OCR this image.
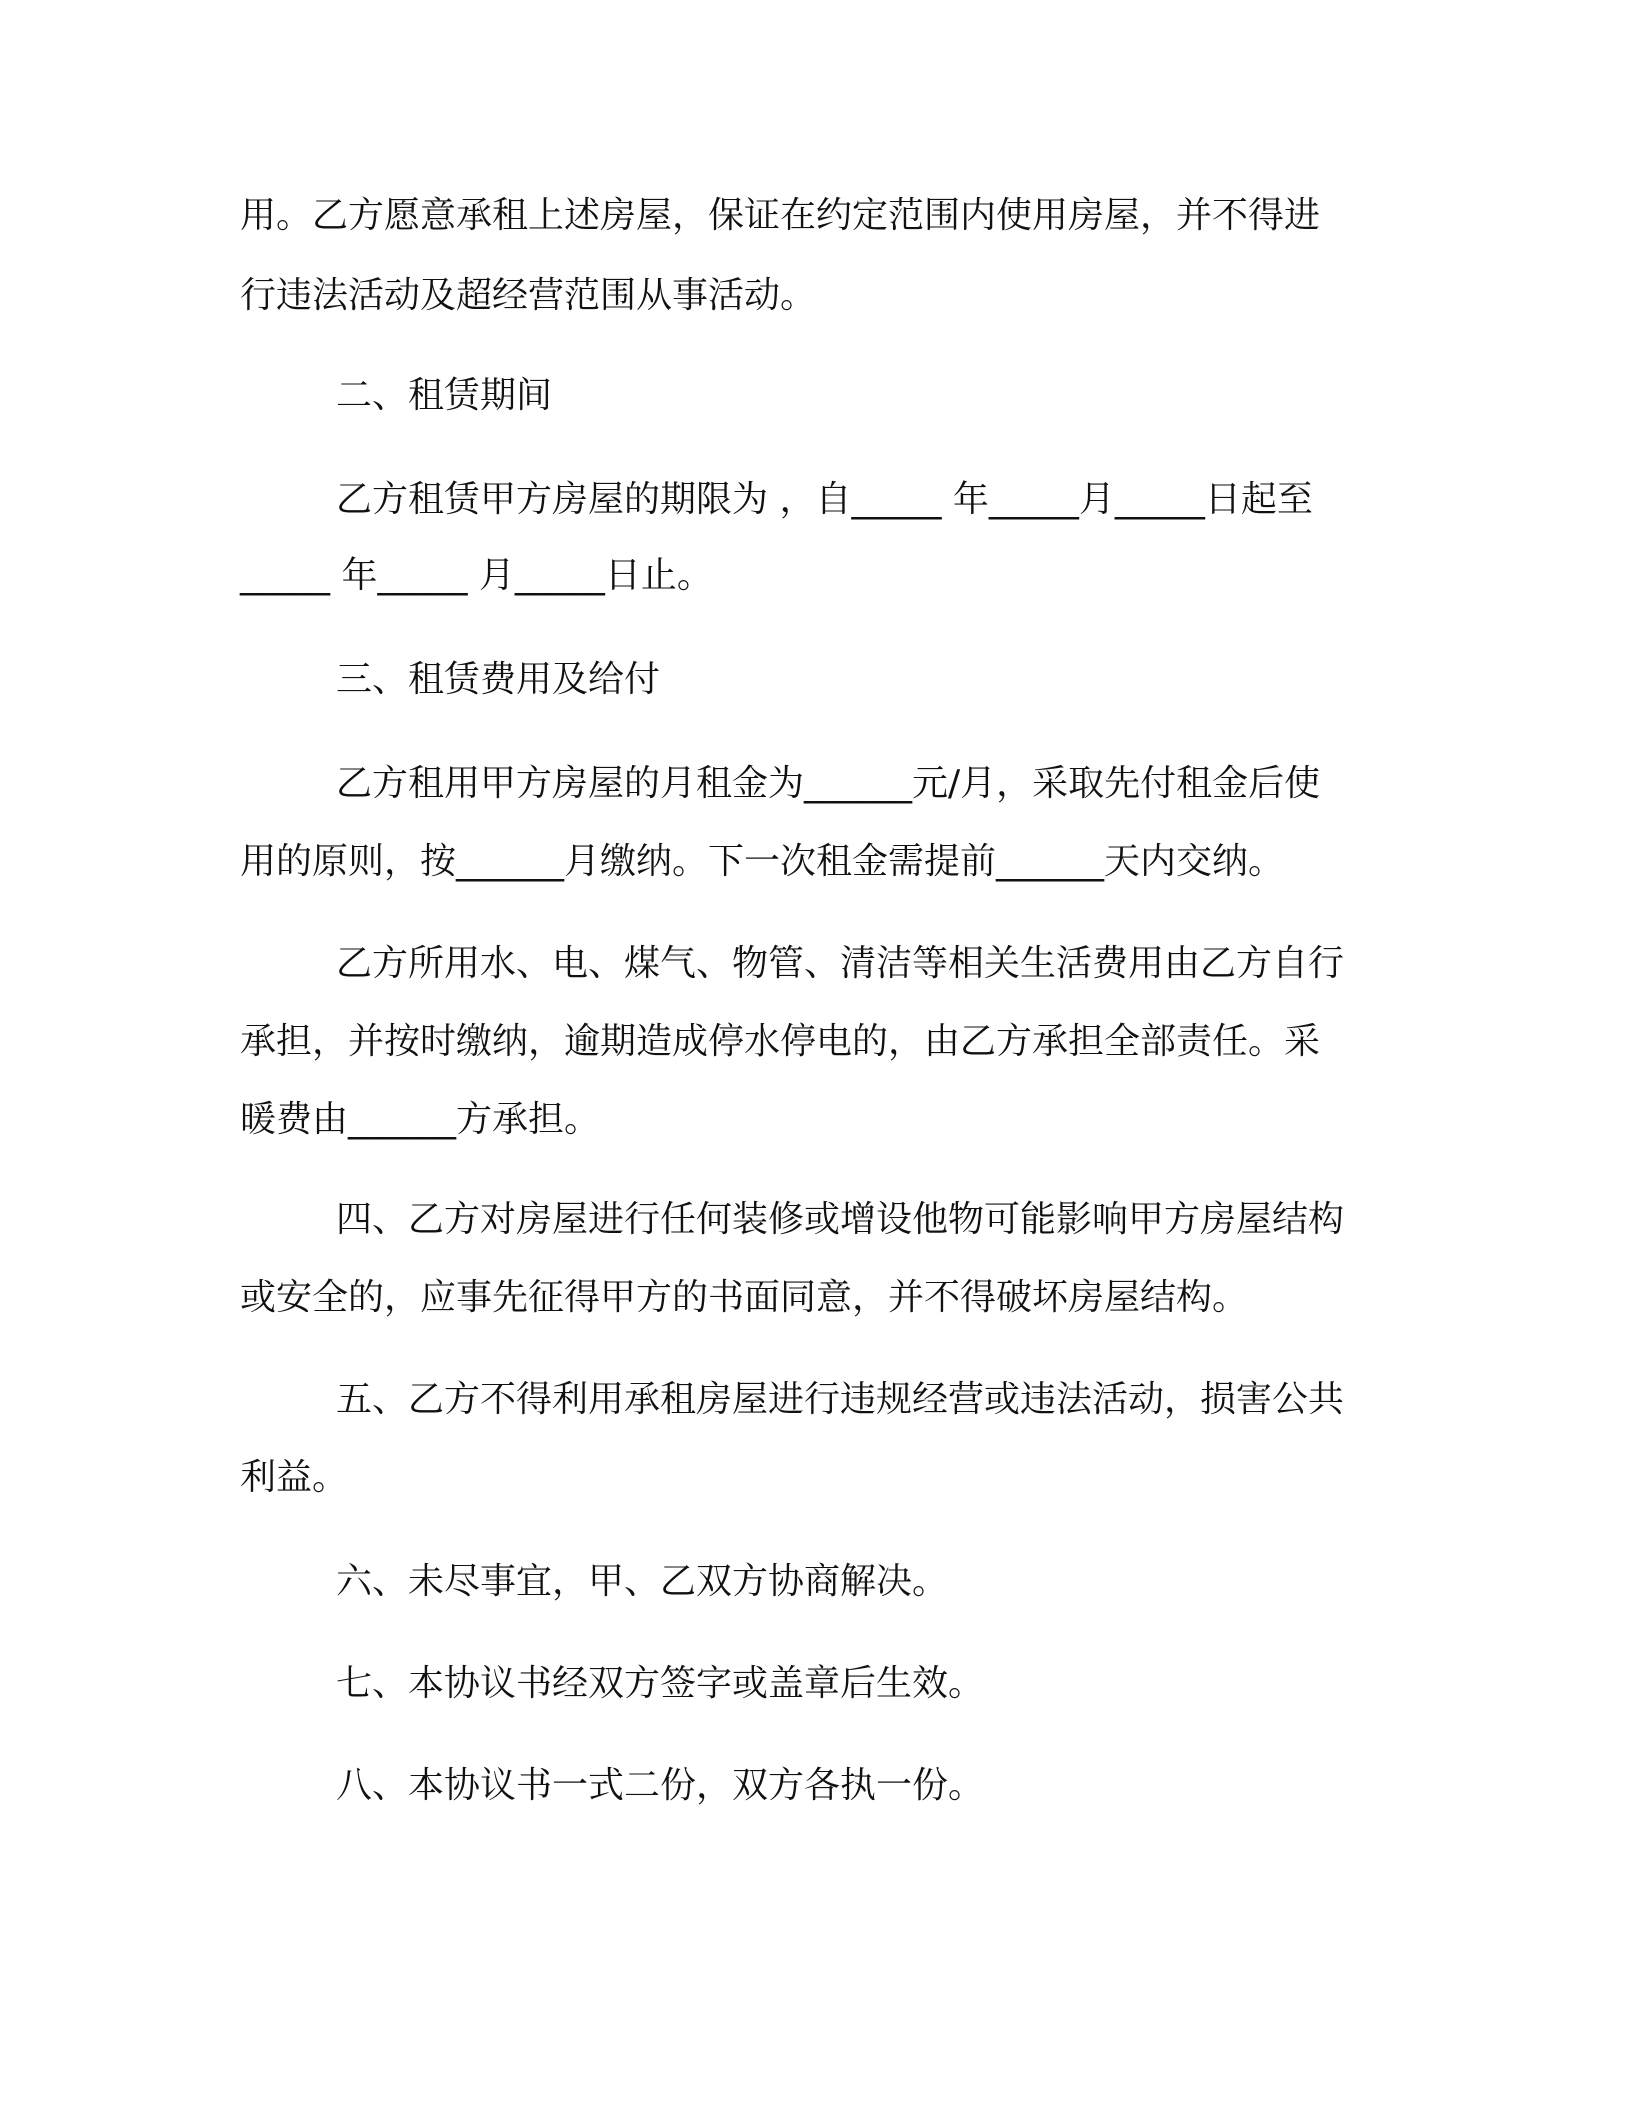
用。乙方愿意承租上述房屋，保证在约定范围内使用房屋，并不得进
行违法活动及超经营范围从事活动。
二、租赁期间
乙方租赁甲方房屋的期限为 ，自_____ 年_____月_____日起至
_____ 年_____ 月_____日止。
三、租赁费用及给付
乙方租用甲方房屋的月租金为______元/月，采取先付租金后使
用的原则，按______月缴纳。下一次租金需提前______天内交纳。
乙方所用水、电、煤气、物管、清洁等相关生活费用由乙方自行
承担，并按时缴纳，逾期造成停水停电的，由乙方承担全部责任。采
暖费由______方承担。
四、乙方对房屋进行任何装修或增设他物可能影响甲方房屋结构
或安全的，应事先征得甲方的书面同意，并不得破坏房屋结构。
五、乙方不得利用承租房屋进行违规经营或违法活动，损害公共
利益。
六、未尽事宜，甲、乙双方协商解决。
七、本协议书经双方签字或盖章后生效。
八、本协议书一式二份，双方各执一份。
